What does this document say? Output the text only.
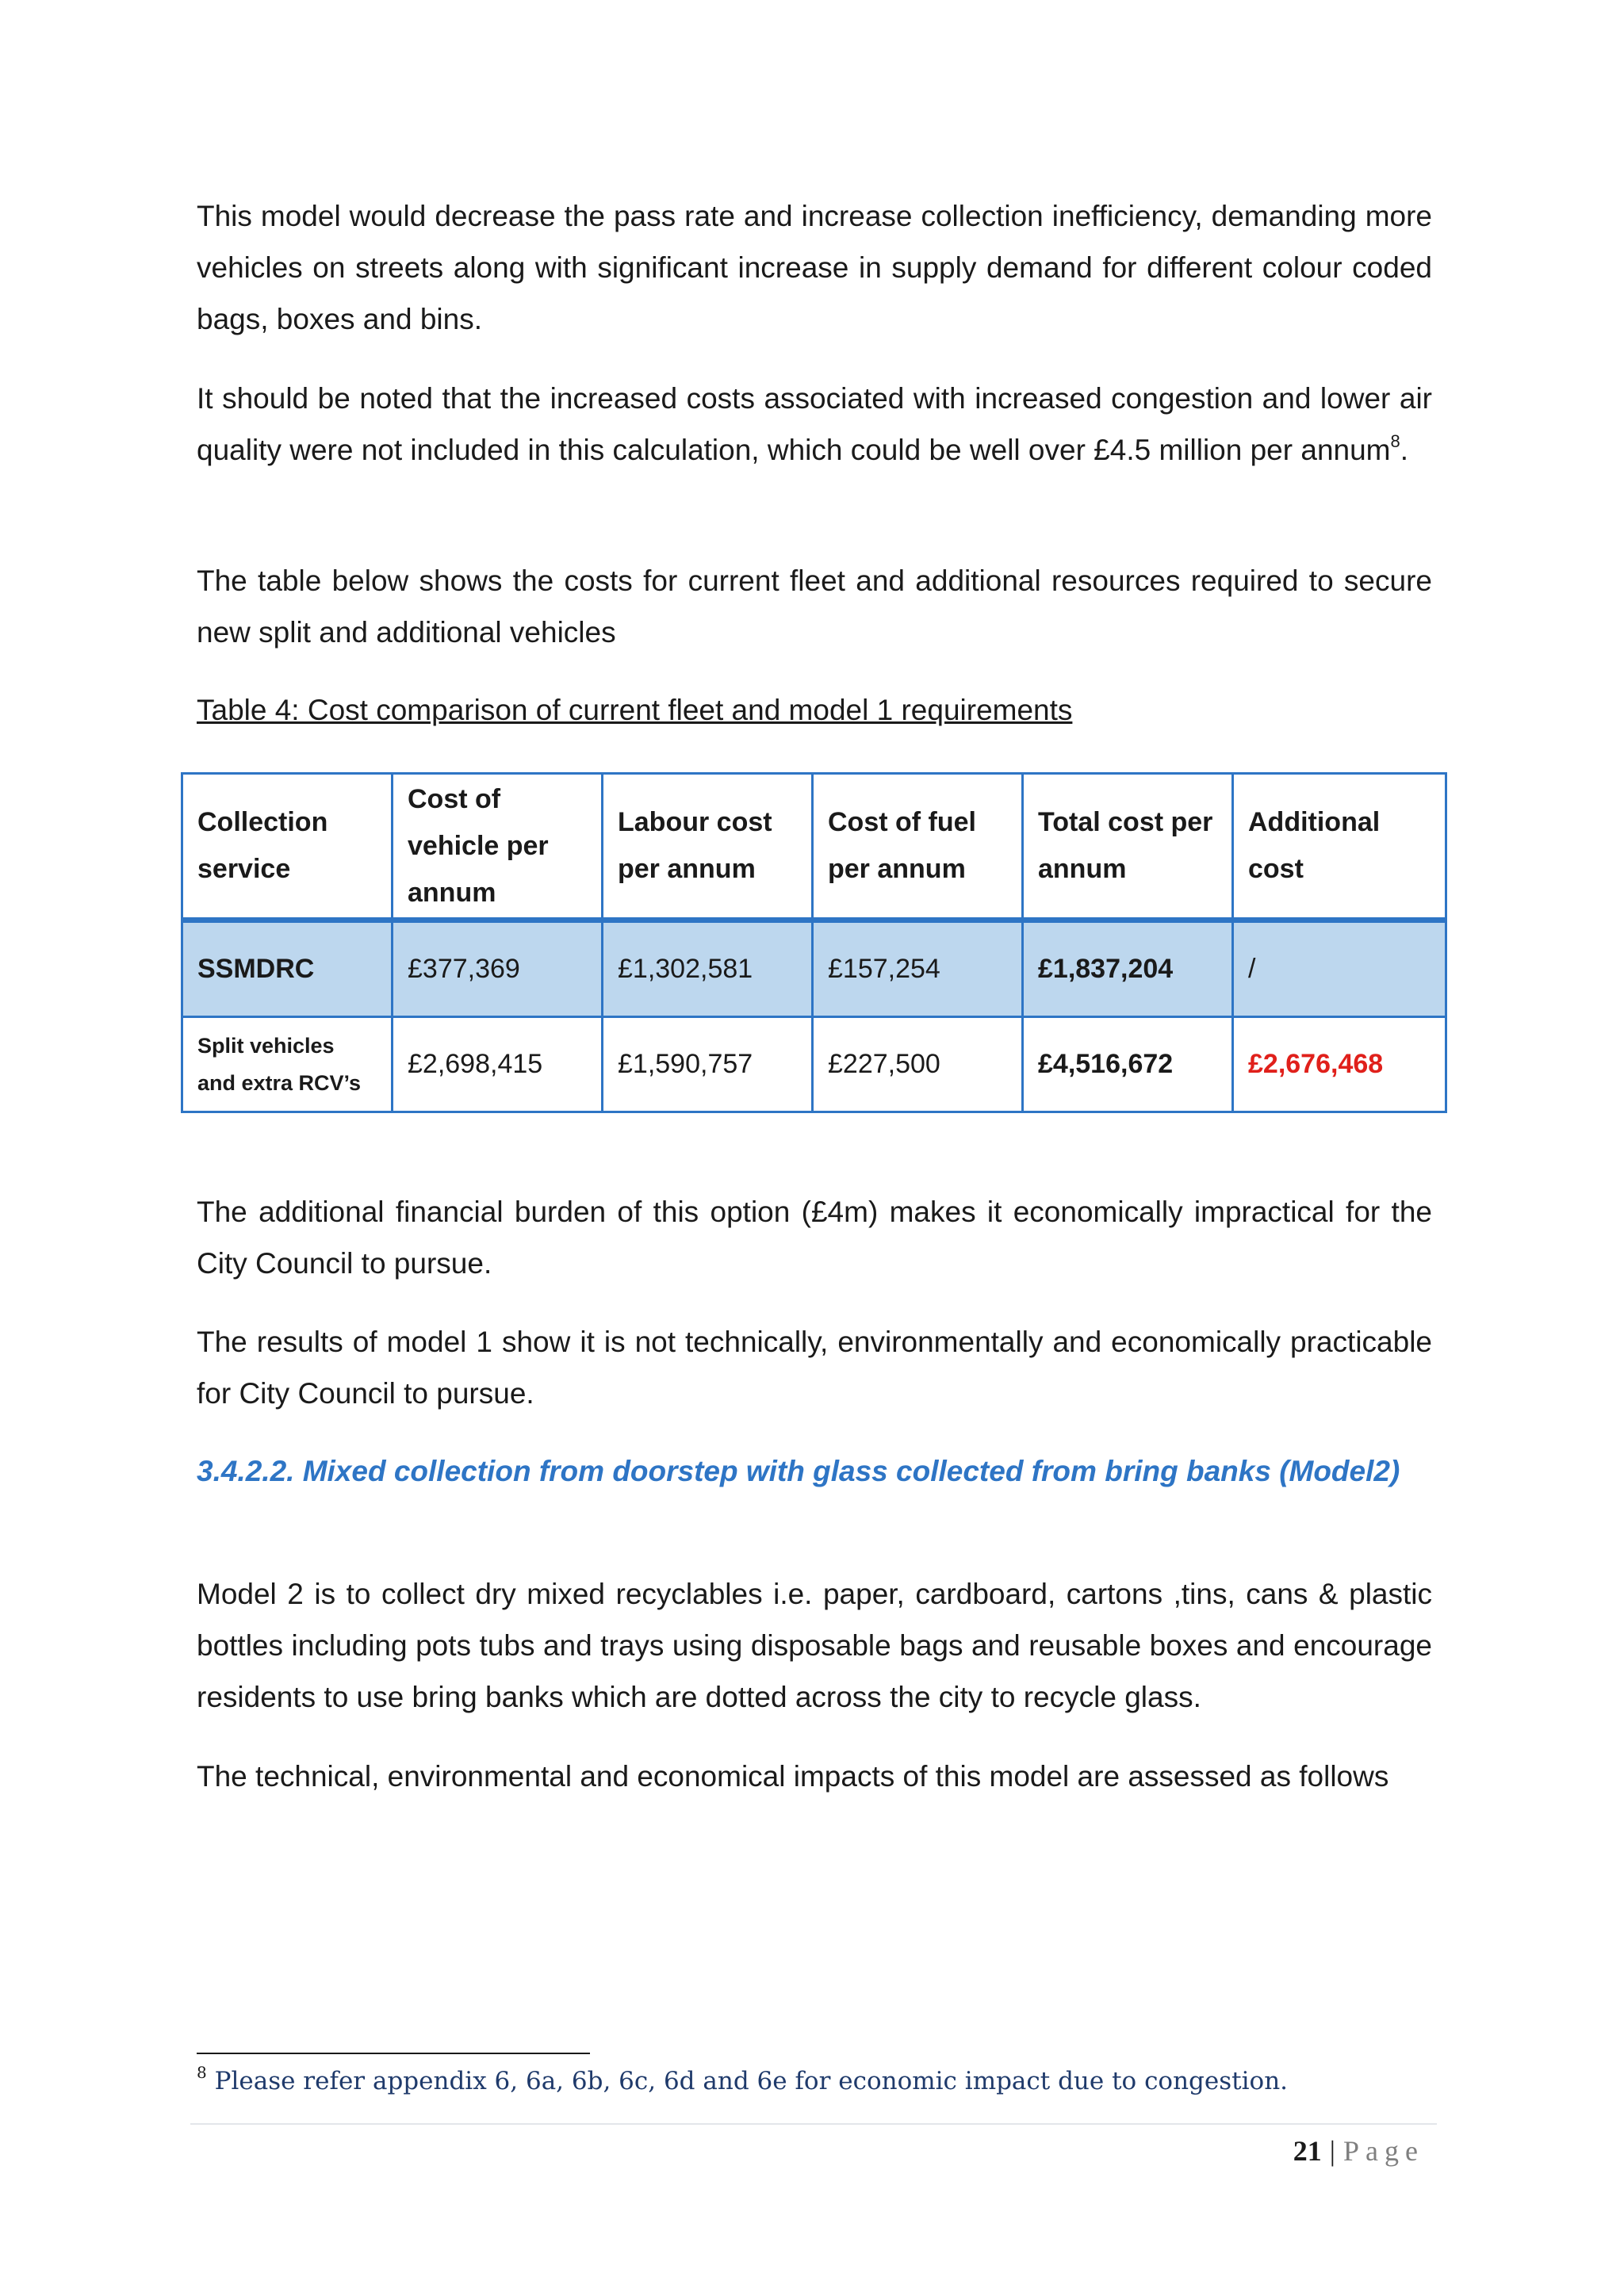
This model would decrease the pass rate and increase collection inefficiency, demanding more vehicles on streets along with significant increase in supply demand for different colour coded bags, boxes and bins.

It should be noted that the increased costs associated with increased congestion and lower air quality were not included in this calculation, which could be well over £4.5 million per annum$^8$.

The table below shows the costs for current fleet and additional resources required to secure new split and additional vehicles

Table 4: Cost comparison of current fleet and model 1 requirements

Collection service	Cost of vehicle per annum	Labour cost per annum	Cost of fuel per annum	Total cost per annum	Additional cost
SSMDRC	£377,369	£1,302,581	£157,254	£1,837,204	/

Split vehicles and extra RCV’s	£2,698,415	£1,590,757	£227,500	£4,516,672	£2,676,468

The additional financial burden of this option (£4m) makes it economically impractical for the City Council to pursue.

The results of model 1 show it is not technically, environmentally and economically practicable for City Council to pursue.

3.4.2.2. Mixed collection from doorstep with glass collected from bring banks (Model2)

Model 2 is to collect dry mixed recyclables i.e. paper, cardboard, cartons ,tins, cans & plastic bottles including pots tubs and trays using disposable bags and reusable boxes and encourage residents to use bring banks which are dotted across the city to recycle glass.

The technical, environmental and economical impacts of this model are assessed as follows

$^8$ Please refer appendix 6, 6a, 6b, 6c, 6d and 6e for economic impact due to congestion.

21 | Page
